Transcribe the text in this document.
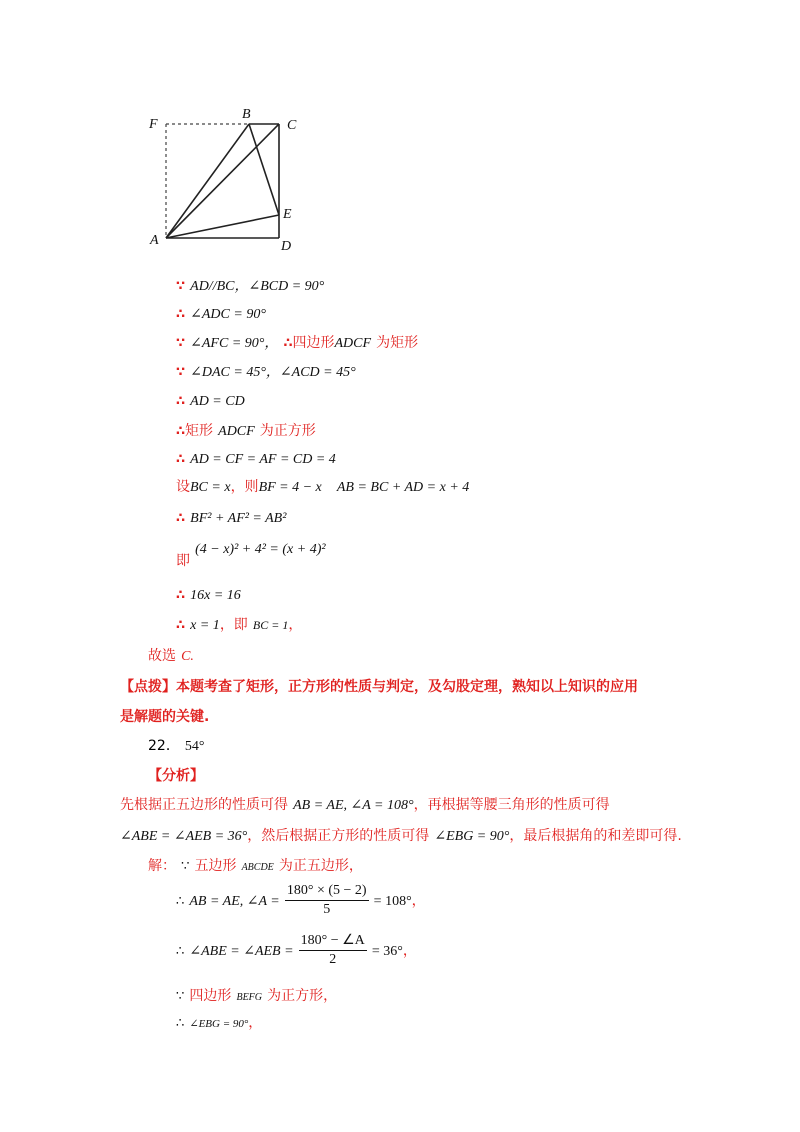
F
B
C
E
A	D
∵ AD//BC，∠BCD = 90°
∴ ∠ADC = 90°
∵ ∠AFC = 90°， ∴四边形ADCF 为矩形
∵ ∠DAC = 45°，∠ACD = 45°
∴ AD = CD
∴矩形 ADCF 为正方形
∴ AD = CF = AF = CD = 4
设BC = x，则BF = 4 − x AB = BC + AD = x + 4
∴ BF² + AF² = AB²
即 (4 − x)² + 4² = (x + 4)²
∴ 16x = 16
∴ x = 1，即 BC = 1，
故选 C.
【点拨】本题考查了矩形，正方形的性质与判定，及勾股定理，熟知以上知识的应用
是解题的关键.
22． 54°
【分析】
先根据正五边形的性质可得 AB = AE, ∠A = 108°，再根据等腰三角形的性质可得
∠ABE = ∠AEB = 36°，然后根据正方形的性质可得 ∠EBG = 90°，最后根据角的和差即可得.
解： ∵ 五边形 ABCDE 为正五边形，
∴ AB = AE, ∠A = $\frac{180^\circ \times (5 - 2)}{5} = 108^\circ$，
∴ ∠ABE = ∠AEB = $\frac{180^\circ - \angle A}{2} = 36^\circ$，
∵ 四边形 BEFG 为正方形，
∴ ∠EBG = 90°，
